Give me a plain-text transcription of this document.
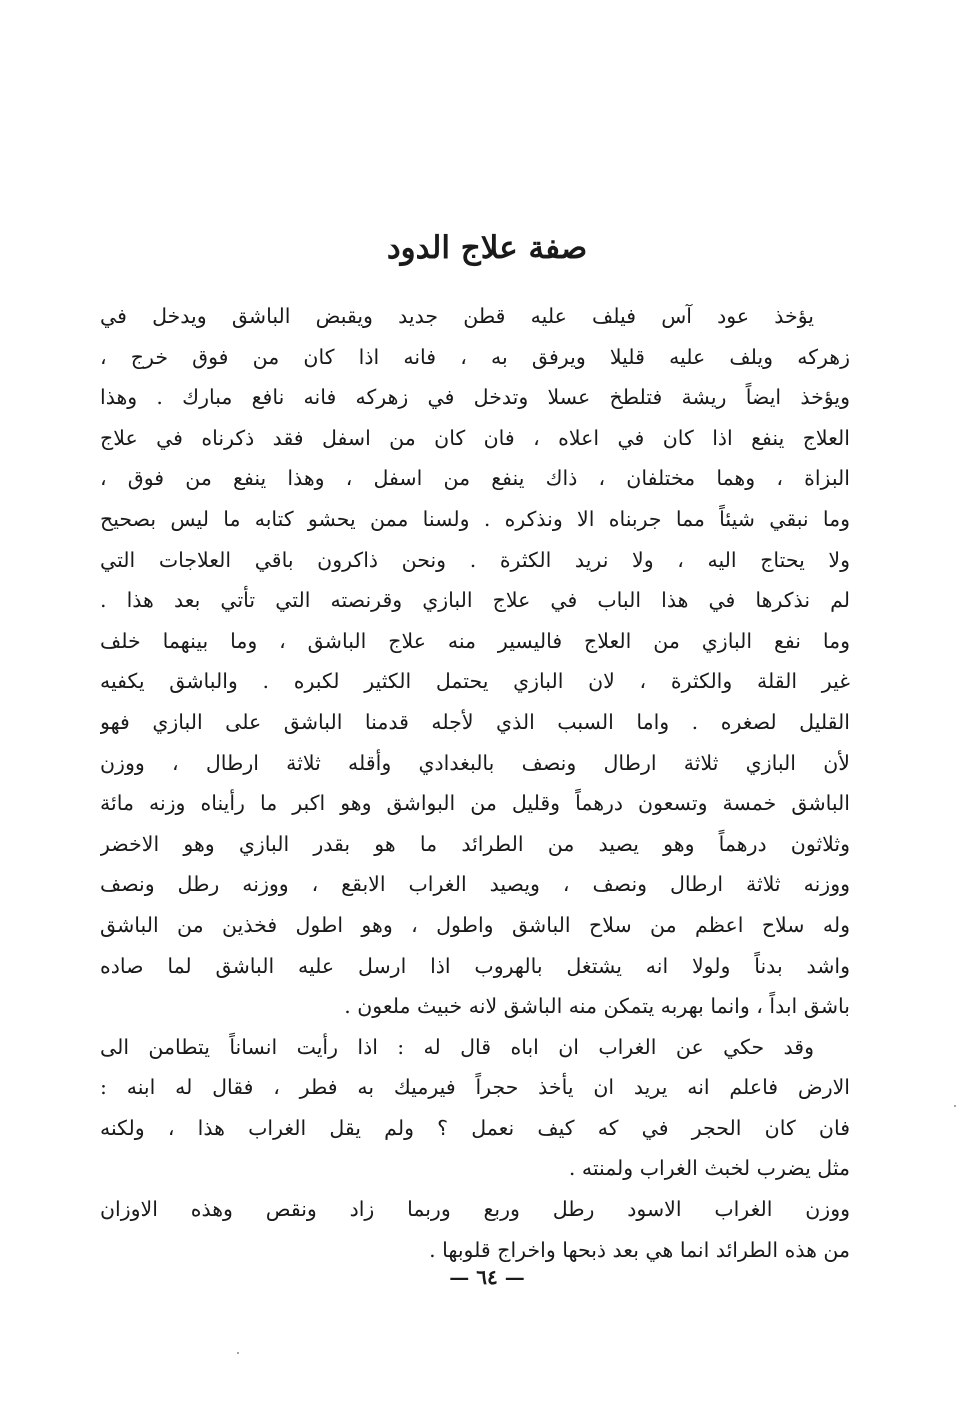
صفة علاج الدود
يؤخذ عود آس فيلف عليه قطن جديد ويقبض الباشق ويدخل في
زهركه ويلف عليه قليلا ويرفق به ، فانه اذا كان من فوق خرج ،
ويؤخذ ايضاً ريشة فتلطخ عسلا وتدخل في زهركه فانه نافع مبارك . وهذا
العلاج ينفع اذا كان في اعلاه ، فان كان من اسفل فقد ذكرناه في علاج
البزاة ، وهما مختلفان ، ذاك ينفع من اسفل ، وهذا ينفع من فوق ،
وما نبقي شيئاً مما جربناه الا ونذكره . ولسنا ممن يحشو كتابه ما ليس بصحيح
ولا يحتاج اليه ، ولا نريد الكثرة . ونحن ذاكرون باقي العلاجات التي
لم نذكرها في هذا الباب في علاج البازي وقرنصته التي تأتي بعد هذا .
وما نفع البازي من العلاج فاليسير منه علاج الباشق ، وما بينهما خلف
غير القلة والكثرة ، لان البازي يحتمل الكثير لكبره . والباشق يكفيه
القليل لصغره . واما السبب الذي لأجله قدمنا الباشق على البازي فهو
لأن البازي ثلاثة ارطال ونصف بالبغدادي وأقله ثلاثة ارطال ، ووزن
الباشق خمسة وتسعون درهماً وقليل من البواشق وهو اكبر ما رأيناه وزنه مائة
وثلاثون درهماً وهو يصيد من الطرائد ما هو بقدر البازي وهو الاخضر
ووزنه ثلاثة ارطال ونصف ، ويصيد الغراب الابقع ، ووزنه رطل ونصف
وله سلاح اعظم من سلاح الباشق واطول ، وهو اطول فخذين من الباشق
واشد بدناً ولولا انه يشتغل بالهروب اذا ارسل عليه الباشق لما صاده
باشق ابداً ، وانما بهربه يتمكن منه الباشق لانه خبيث ملعون .
وقد حكي عن الغراب ان اباه قال له : اذا رأيت انساناً يتطامن الى
الارض فاعلم انه يريد ان يأخذ حجراً فيرميك به فطر ، فقال له ابنه :
فان كان الحجر في كه كيف نعمل ؟ ولم يقل الغراب هذا ، ولكنه
مثل يضرب لخبث الغراب ولمنته .
ووزن الغراب الاسود رطل وربع وربما زاد ونقص وهذه الاوزان
من هذه الطرائد انما هي بعد ذبحها واخراج قلوبها .
— ٦٤ —
